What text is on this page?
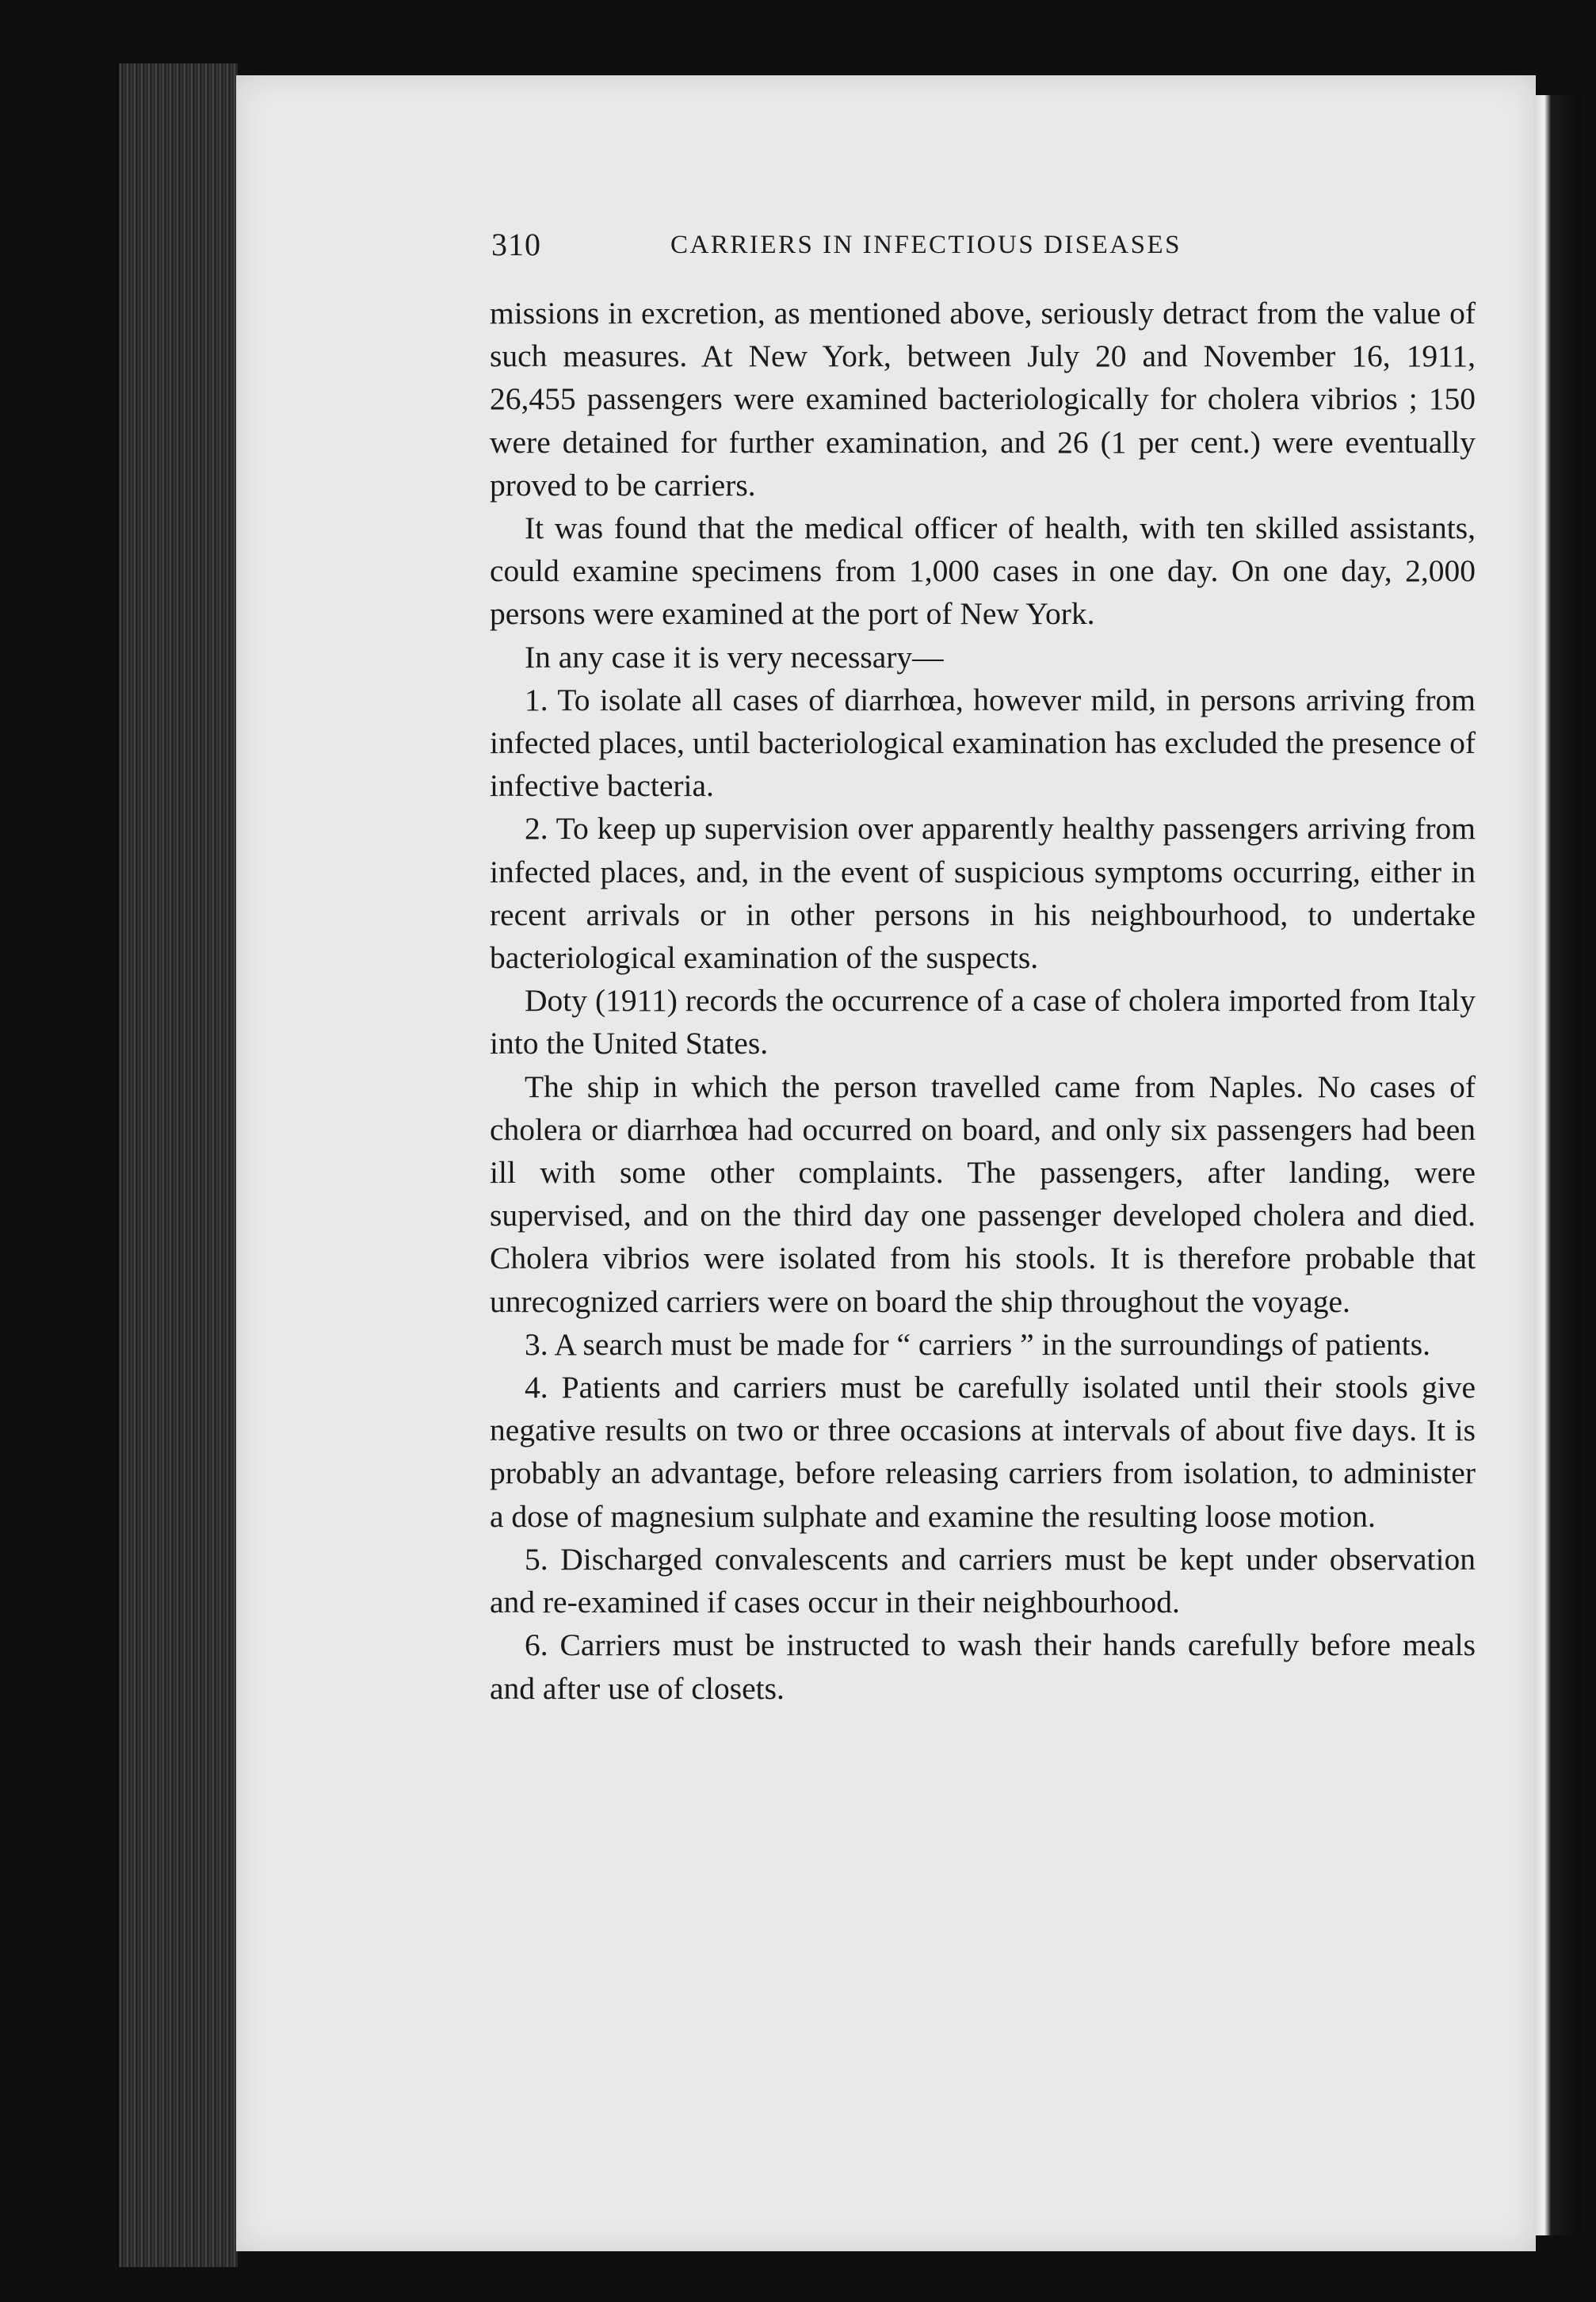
310	CARRIERS IN INFECTIOUS DISEASES

missions in excretion, as mentioned above, seriously detract from the value of such measures. At New York, between July 20 and November 16, 1911, 26,455 passengers were examined bacteriologically for cholera vibrios ; 150 were detained for further examination, and 26 (1 per cent.) were eventually proved to be carriers.

It was found that the medical officer of health, with ten skilled assistants, could examine specimens from 1,000 cases in one day. On one day, 2,000 persons were examined at the port of New York.

In any case it is very necessary—

1. To isolate all cases of diarrhœa, however mild, in persons arriving from infected places, until bacteriological examination has excluded the presence of infective bacteria.

2. To keep up supervision over apparently healthy passengers arriving from infected places, and, in the event of suspicious symptoms occurring, either in recent arrivals or in other persons in his neighbourhood, to undertake bacteriological examination of the suspects.

Doty (1911) records the occurrence of a case of cholera imported from Italy into the United States.

The ship in which the person travelled came from Naples. No cases of cholera or diarrhœa had occurred on board, and only six passengers had been ill with some other complaints. The passengers, after landing, were supervised, and on the third day one passenger developed cholera and died. Cholera vibrios were isolated from his stools. It is therefore probable that unrecognized carriers were on board the ship throughout the voyage.

3. A search must be made for “ carriers ” in the surroundings of patients.

4. Patients and carriers must be carefully isolated until their stools give negative results on two or three occasions at intervals of about five days. It is probably an advantage, before releasing carriers from isolation, to administer a dose of magnesium sulphate and examine the resulting loose motion.

5. Discharged convalescents and carriers must be kept under observation and re-examined if cases occur in their neighbourhood.

6. Carriers must be instructed to wash their hands carefully before meals and after use of closets.
